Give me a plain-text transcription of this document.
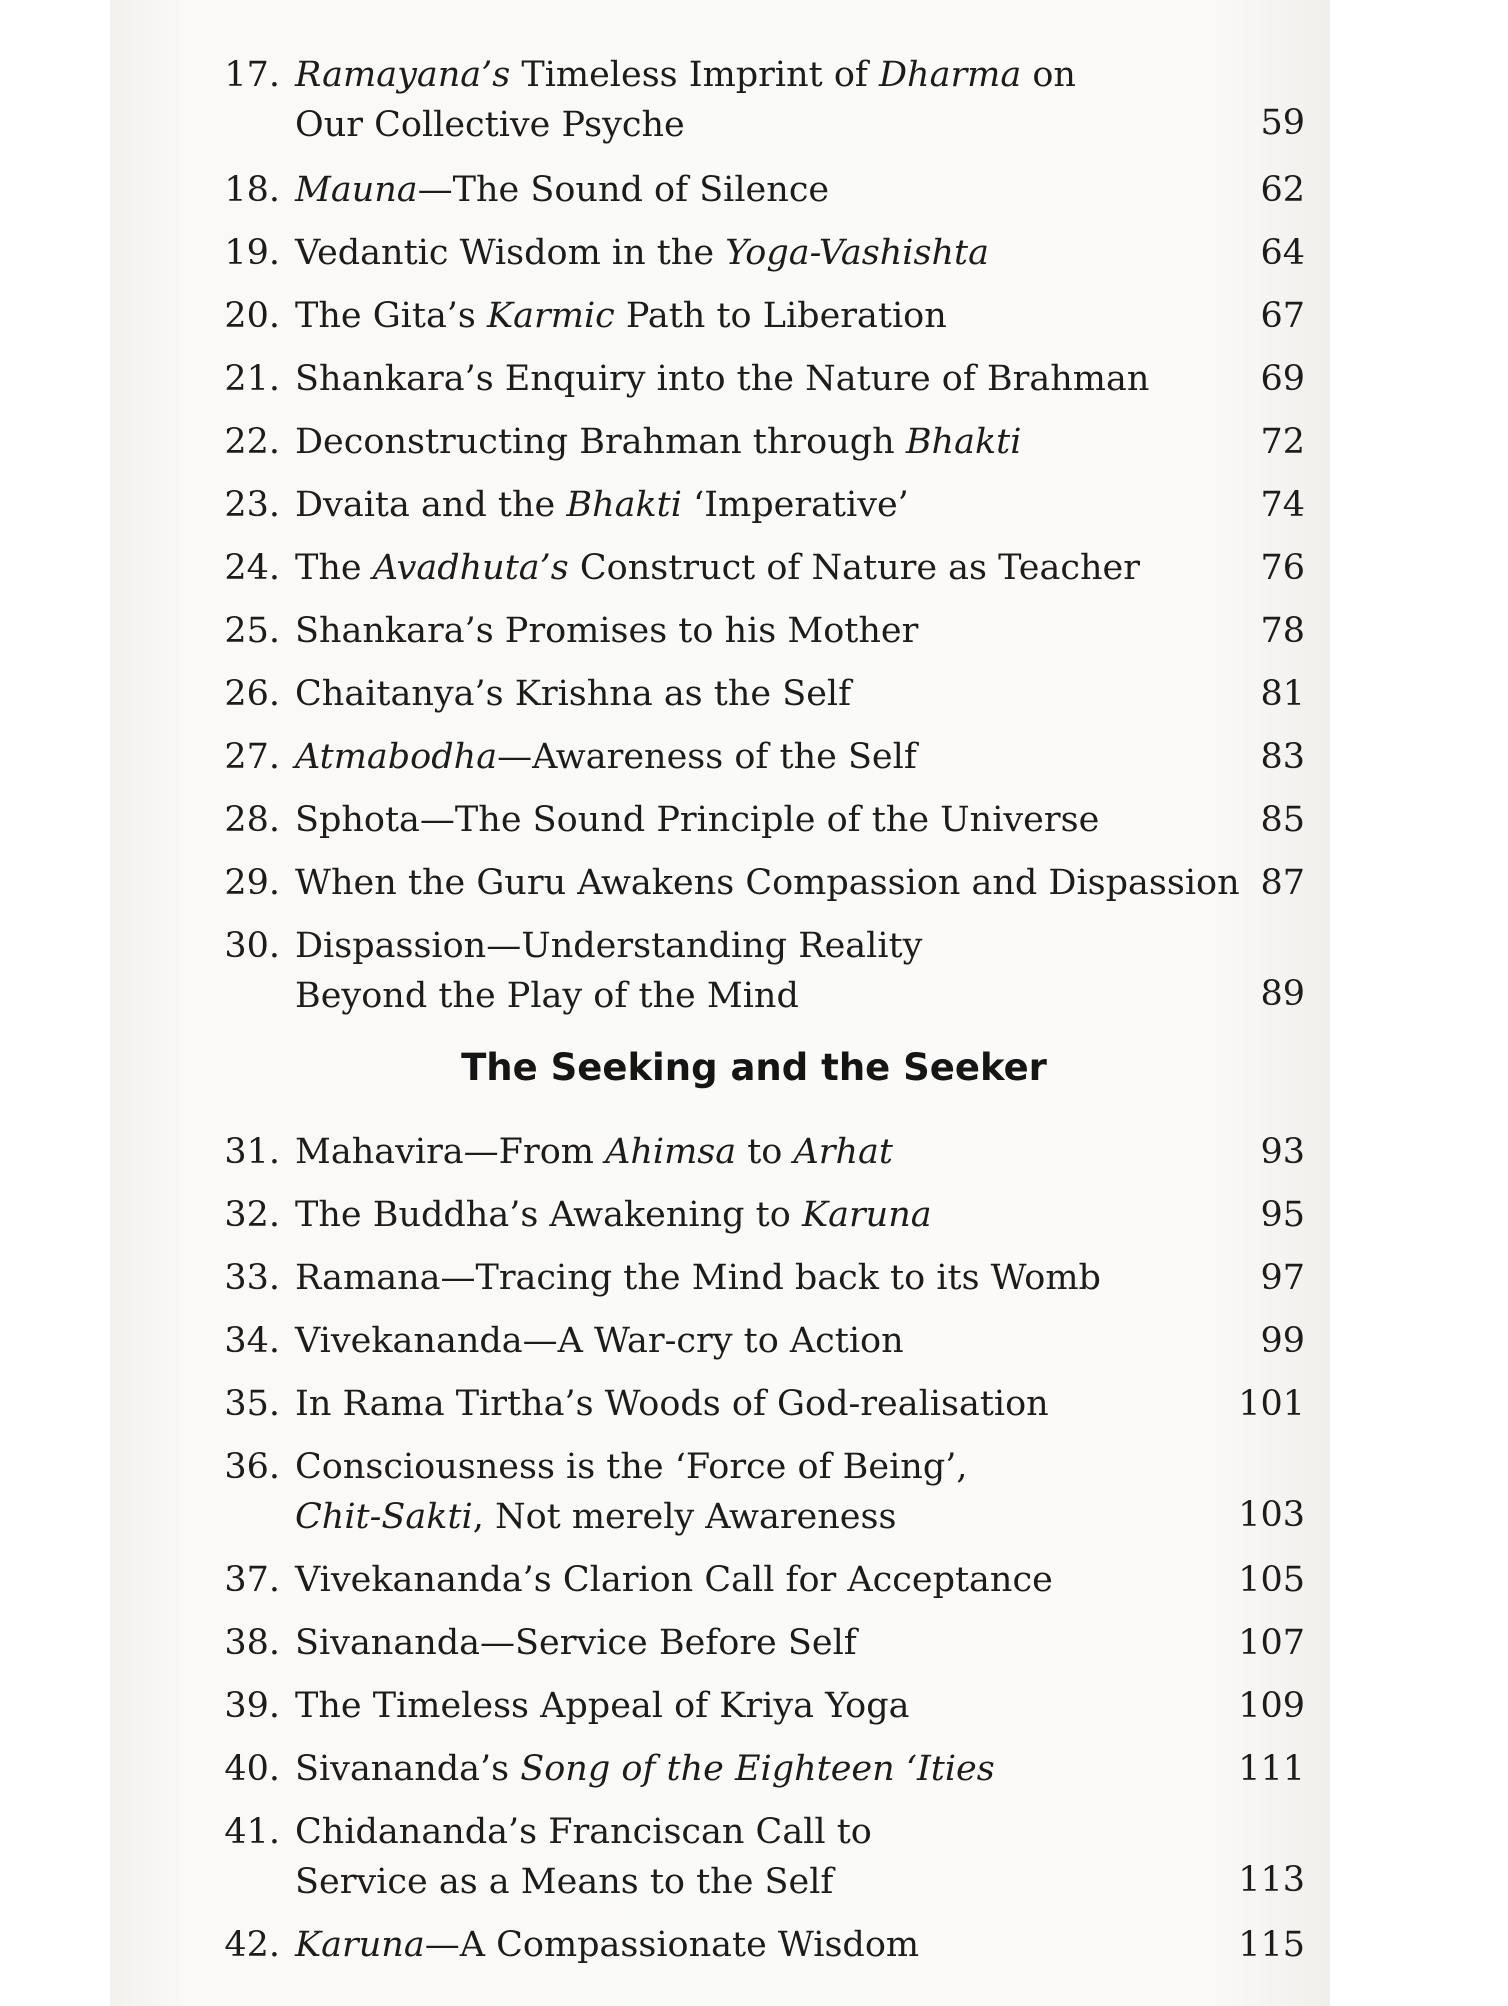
17. Ramayana’s Timeless Imprint of Dharma on
Our Collective Psyche	59
18. Mauna—The Sound of Silence	62
19. Vedantic Wisdom in the Yoga-Vashishta	64
20. The Gita’s Karmic Path to Liberation	67
21. Shankara’s Enquiry into the Nature of Brahman	69
22. Deconstructing Brahman through Bhakti	72
23. Dvaita and the Bhakti ‘Imperative’	74
24. The Avadhuta’s Construct of Nature as Teacher	76
25. Shankara’s Promises to his Mother	78
26. Chaitanya’s Krishna as the Self	81
27. Atmabodha—Awareness of the Self	83
28. Sphota—The Sound Principle of the Universe	85
29. When the Guru Awakens Compassion and Dispassion 87
30. Dispassion—Understanding Reality
Beyond the Play of the Mind	89
The Seeking and the Seeker
31. Mahavira—From Ahimsa to Arhat	93
32. The Buddha’s Awakening to Karuna	95
33. Ramana—Tracing the Mind back to its Womb	97
34. Vivekananda—A War-cry to Action	99
35. In Rama Tirtha’s Woods of God-realisation	101
36. Consciousness is the ‘Force of Being’,
Chit-Sakti, Not merely Awareness	103
37. Vivekananda’s Clarion Call for Acceptance	105
38. Sivananda—Service Before Self	107
39. The Timeless Appeal of Kriya Yoga	109
40. Sivananda’s Song of the Eighteen ‘Ities	111
41. Chidananda’s Franciscan Call to
Service as a Means to the Self	113
42. Karuna—A Compassionate Wisdom	115
